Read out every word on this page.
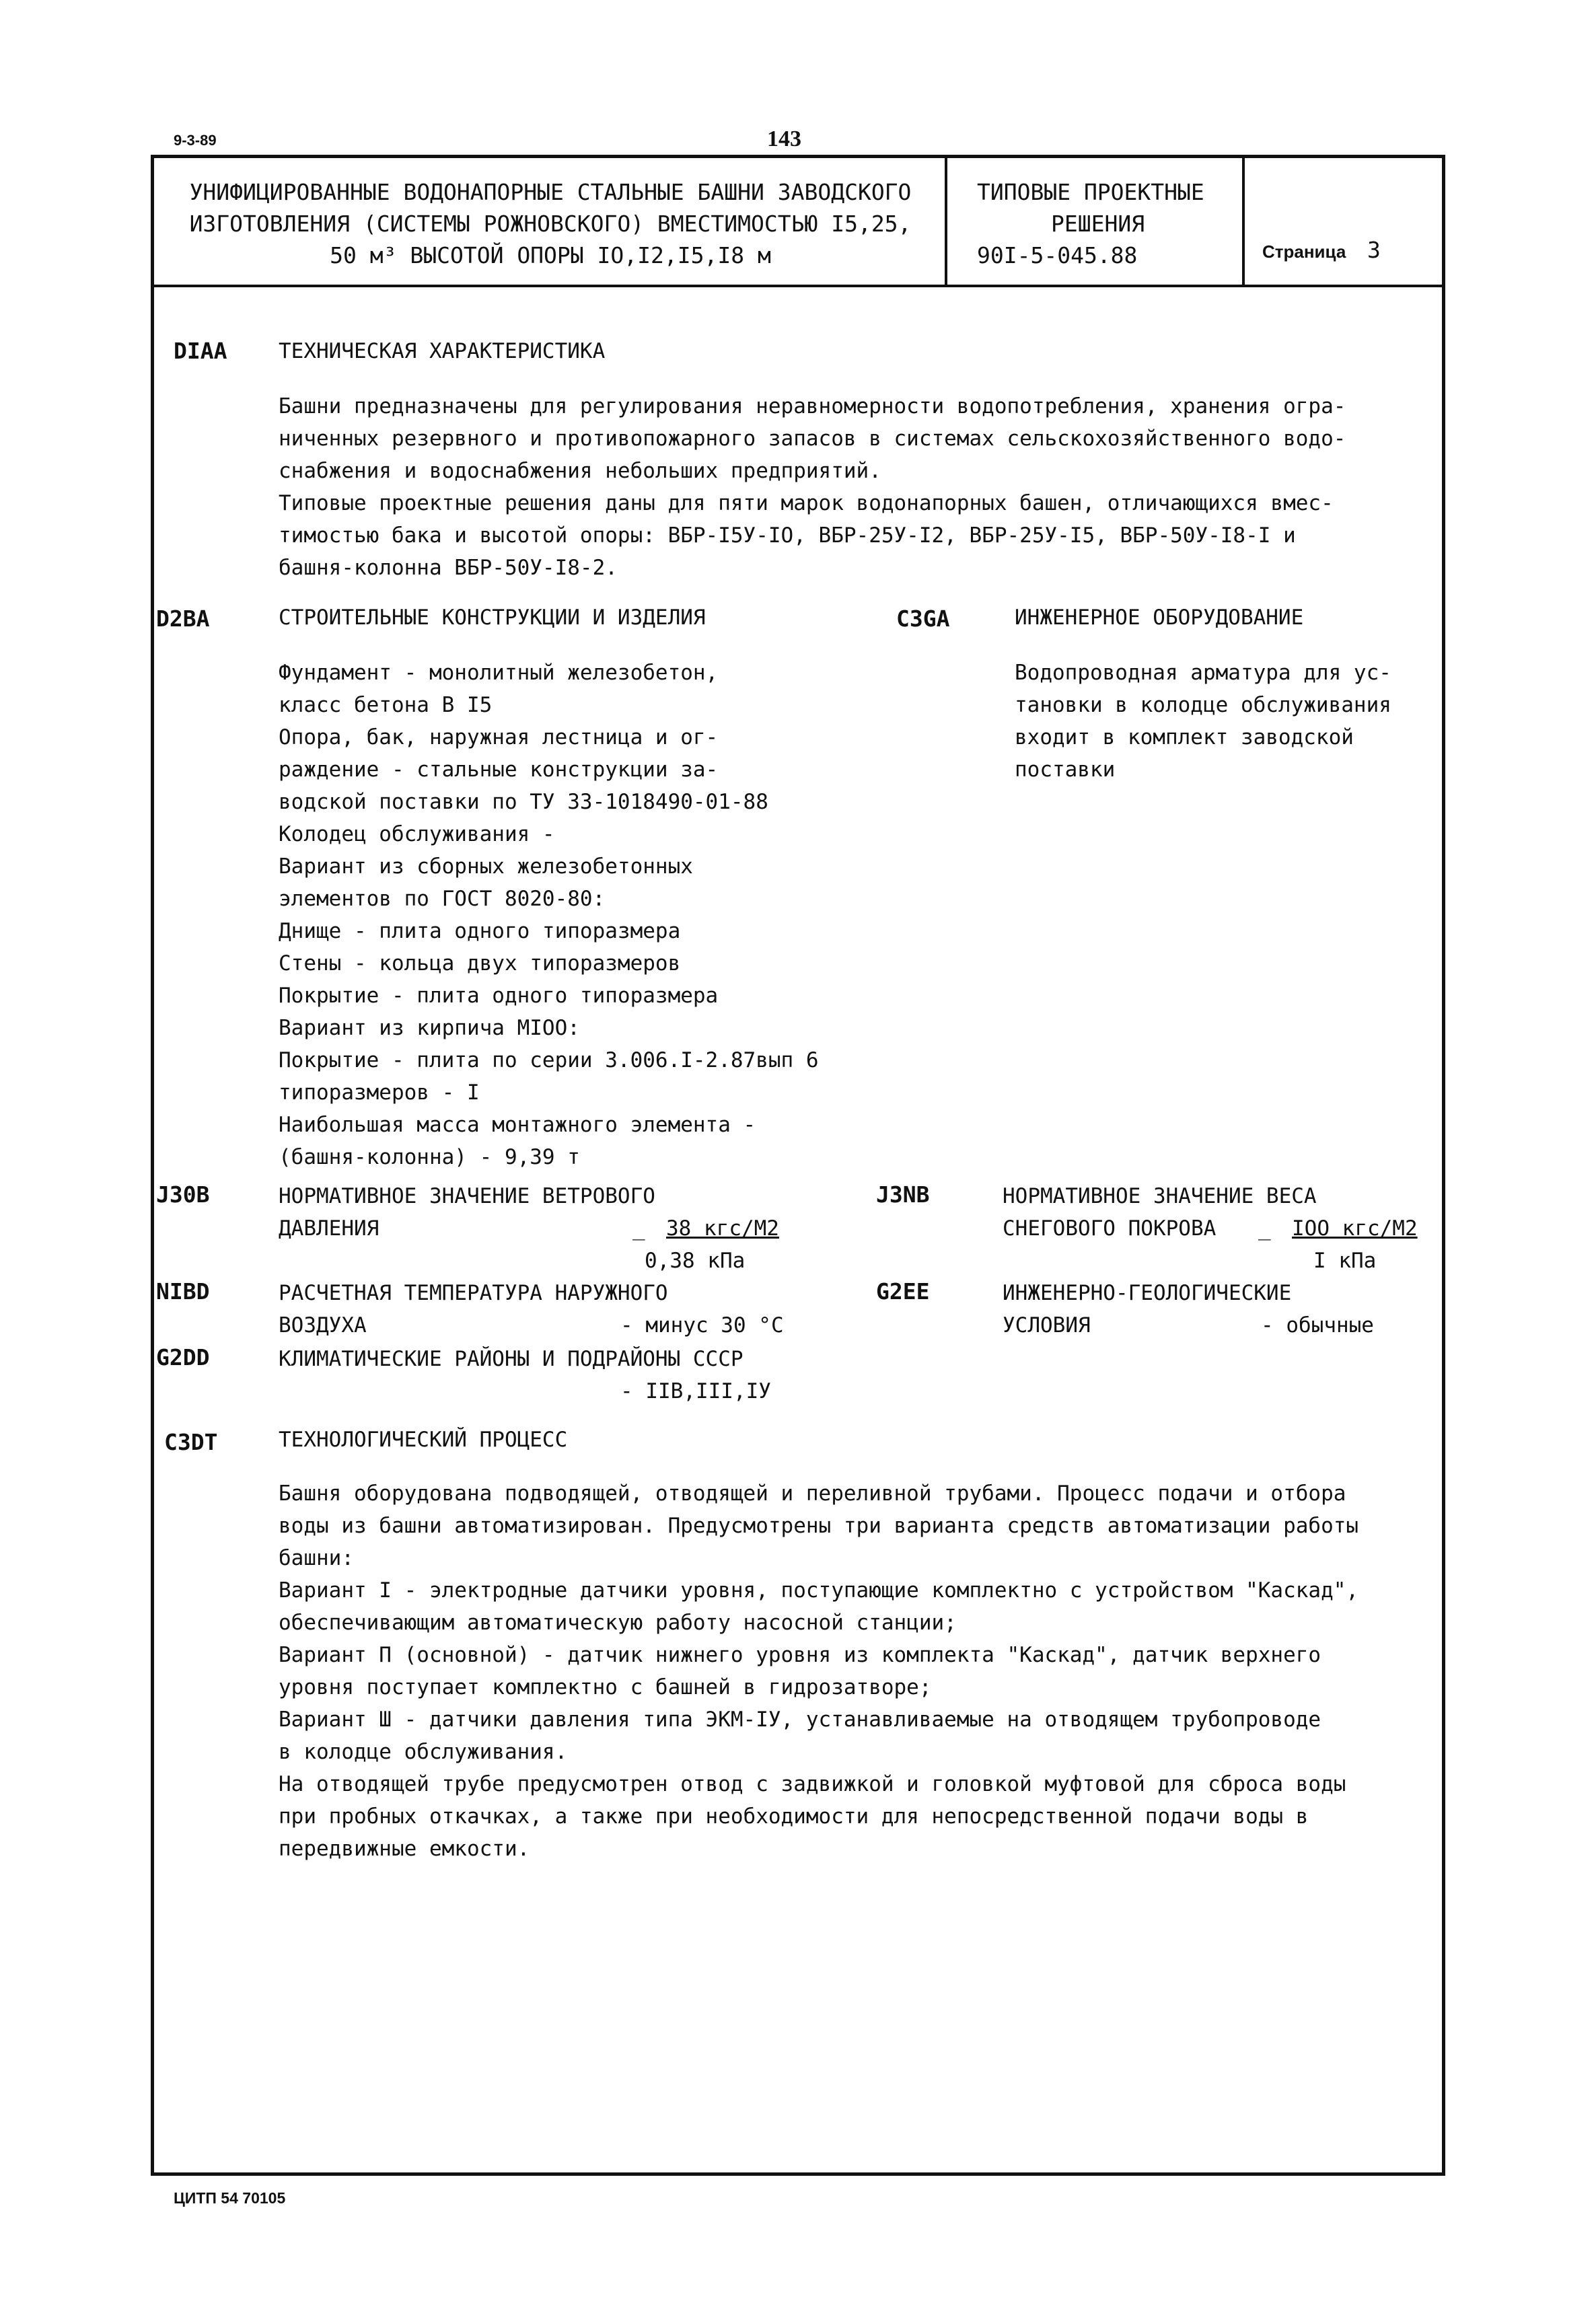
9-3-89	143
УНИФИЦИРОВАННЫЕ ВОДОНАПОРНЫЕ СТАЛЬНЫЕ БАШНИ ЗАВОДСКОГО
ИЗГОТОВЛЕНИЯ (СИСТЕМЫ РОЖНОВСКОГО) ВМЕСТИМОСТЬЮ I5,25,
50 м³ ВЫСОТОЙ ОПОРЫ IO,I2,I5,I8 м
ТИПОВЫЕ ПРОЕКТНЫЕ
РЕШЕНИЯ
90I-5-045.88	Страница 3
DIAA ТЕХНИЧЕСКАЯ ХАРАКТЕРИСТИКА
Башни предназначены для регулирования неравномерности водопотребления, хранения огра-
ниченных резервного и противопожарного запасов в системах сельскохозяйственного водо-
снабжения и водоснабжения небольших предприятий.
Типовые проектные решения даны для пяти марок водонапорных башен, отличающихся вмес-
тимостью бака и высотой опоры: ВБР-I5У-IO, ВБР-25У-I2, ВБР-25У-I5, ВБР-50У-I8-I и
башня-колонна ВБР-50У-I8-2.
D2BA	СТРОИТЕЛЬНЫЕ КОНСТРУКЦИИ И ИЗДЕЛИЯ
Фундамент - монолитный железобетон,
класс бетона В I5
Опора, бак, наружная лестница и ог-
раждение - стальные конструкции за-
водской поставки по ТУ 33-1018490-01-88
Колодец обслуживания -
Вариант из сборных железобетонных
элементов по ГОСТ 8020-80:
Днище - плита одного типоразмера
Стены - кольца двух типоразмеров
Покрытие - плита одного типоразмера
Вариант из кирпича MIOO:
Покрытие - плита по серии 3.006.I-2.87вып 6
типоразмеров - I
Наибольшая масса монтажного элемента -
(башня-колонна) - 9,39 т
C3GA	ИНЖЕНЕРНОЕ ОБОРУДОВАНИЕ
Водопроводная арматура для ус-
тановки в колодце обслуживания
входит в комплект заводской
поставки
J30B	НОРМАТИВНОЕ ЗНАЧЕНИЕ ВЕТРОВОГО
ДАВЛЕНИЯ	_ 38 кгс/М2
0,38 кПа
J3NB	НОРМАТИВНОЕ ЗНАЧЕНИЕ ВЕСА
СНЕГОВОГО ПОКРОВА _ IOO кгс/М2
I кПа
NIBD	РАСЧЕТНАЯ ТЕМПЕРАТУРА НАРУЖНОГО
ВОЗДУХА	- минус 30 °С
G2EE	ИНЖЕНЕРНО-ГЕОЛОГИЧЕСКИЕ
УСЛОВИЯ	- обычные
G2DD	КЛИМАТИЧЕСКИЕ РАЙОНЫ И ПОДРАЙОНЫ СССР
- IIВ,III,IУ
C3DT	ТЕХНОЛОГИЧЕСКИЙ ПРОЦЕСС
Башня оборудована подводящей, отводящей и переливной трубами. Процесс подачи и отбора
воды из башни автоматизирован. Предусмотрены три варианта средств автоматизации работы
башни:
Вариант I - электродные датчики уровня, поступающие комплектно с устройством "Каскад",
обеспечивающим автоматическую работу насосной станции;
Вариант П (основной) - датчик нижнего уровня из комплекта "Каскад", датчик верхнего
уровня поступает комплектно с башней в гидрозатворе;
Вариант Ш - датчики давления типа ЭКМ-IУ, устанавливаемые на отводящем трубопроводе
в колодце обслуживания.
На отводящей трубе предусмотрен отвод с задвижкой и головкой муфтовой для сброса воды
при пробных откачках, а также при необходимости для непосредственной подачи воды в
передвижные емкости.
ЦИТП 54 70105
